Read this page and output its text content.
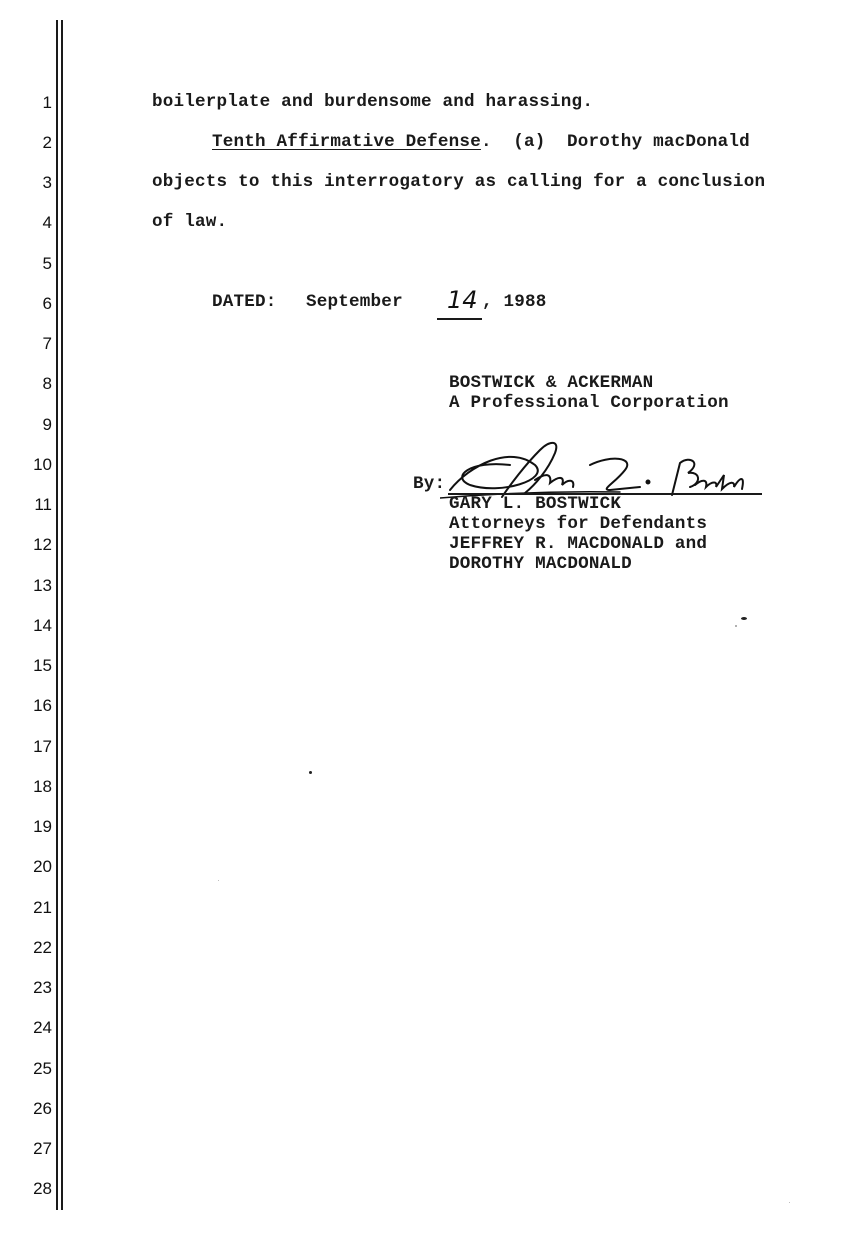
1
2
3
4
5
6
7
8
9
10
11
12
13
14
15
16
17
18
19
20
21
22
23
24
25
26
27
28
boilerplate and burdensome and harassing.
Tenth Affirmative Defense.  (a)  Dorothy macDonald
objects to this interrogatory as calling for a conclusion
of law.
DATED: September 14 , 1988
BOSTWICK & ACKERMAN
A Professional Corporation
By:
GARY L. BOSTWICK
Attorneys for Defendants
JEFFREY R. MACDONALD and
DOROTHY MACDONALD
